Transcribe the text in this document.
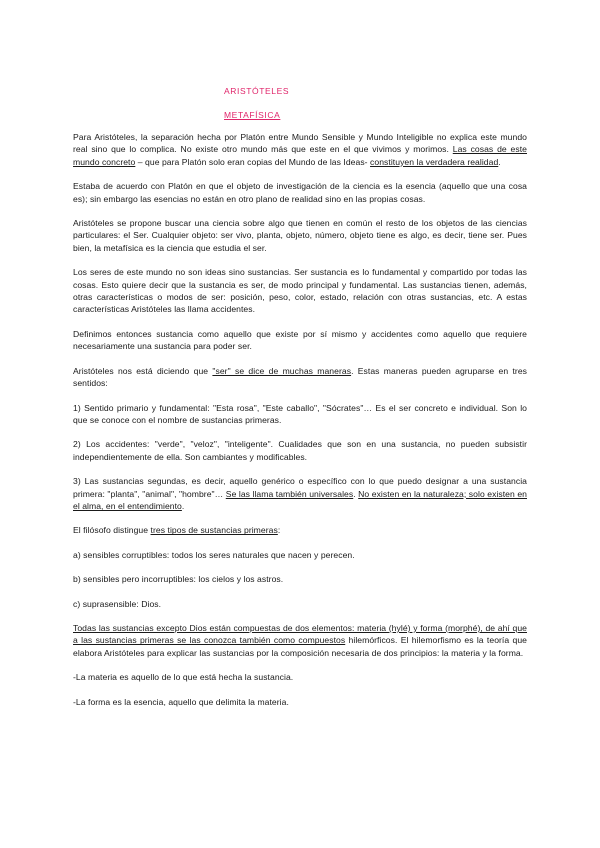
ARISTÓTELES
METAFÍSICA

Para Aristóteles, la separación hecha por Platón entre Mundo Sensible y Mundo Inteligible no explica este mundo real sino que lo complica. No existe otro mundo más que este en el que vivimos y morimos. Las cosas de este mundo concreto – que para Platón solo eran copias del Mundo de las Ideas- constituyen la verdadera realidad.

Estaba de acuerdo con Platón en que el objeto de investigación de la ciencia es la esencia (aquello que una cosa es); sin embargo las esencias no están en otro plano de realidad sino en las propias cosas.

Aristóteles se propone buscar una ciencia sobre algo que tienen en común el resto de los objetos de las ciencias particulares: el Ser. Cualquier objeto: ser vivo, planta, objeto, número, objeto tiene es algo, es decir, tiene ser. Pues bien, la metafísica es la ciencia que estudia el ser.

Los seres de este mundo no son ideas sino sustancias. Ser sustancia es lo fundamental y compartido por todas las cosas. Esto quiere decir que la sustancia es ser, de modo principal y fundamental. Las sustancias tienen, además, otras características o modos de ser: posición, peso, color, estado, relación con otras sustancias, etc. A estas características Aristóteles las llama accidentes.

Definimos entonces sustancia como aquello que existe por sí mismo y accidentes como aquello que requiere necesariamente una sustancia para poder ser.

Aristóteles nos está diciendo que "ser" se dice de muchas maneras. Estas maneras pueden agruparse en tres sentidos:

1) Sentido primario y fundamental: "Esta rosa", "Este caballo", "Sócrates"… Es el ser concreto e individual. Son lo que se conoce con el nombre de sustancias primeras.

2) Los accidentes: "verde", "veloz", "inteligente". Cualidades que son en una sustancia, no pueden subsistir independientemente de ella. Son cambiantes y modificables.

3) Las sustancias segundas, es decir, aquello genérico o específico con lo que puedo designar a una sustancia primera: "planta", "animal", "hombre"… Se las llama también universales. No existen en la naturaleza; solo existen en el alma, en el entendimiento.

El filósofo distingue tres tipos de sustancias primeras:

a) sensibles corruptibles: todos los seres naturales que nacen y perecen.

b) sensibles pero incorruptibles: los cielos y los astros.

c) suprasensible: Dios.

Todas las sustancias excepto Dios están compuestas de dos elementos: materia (hylé) y forma (morphé), de ahí que a las sustancias primeras se las conozca también como compuestos hilemórficos. El hilemorfismo es la teoría que elabora Aristóteles para explicar las sustancias por la composición necesaria de dos principios: la materia y la forma.

-La materia es aquello de lo que está hecha la sustancia.

-La forma es la esencia, aquello que delimita la materia.
